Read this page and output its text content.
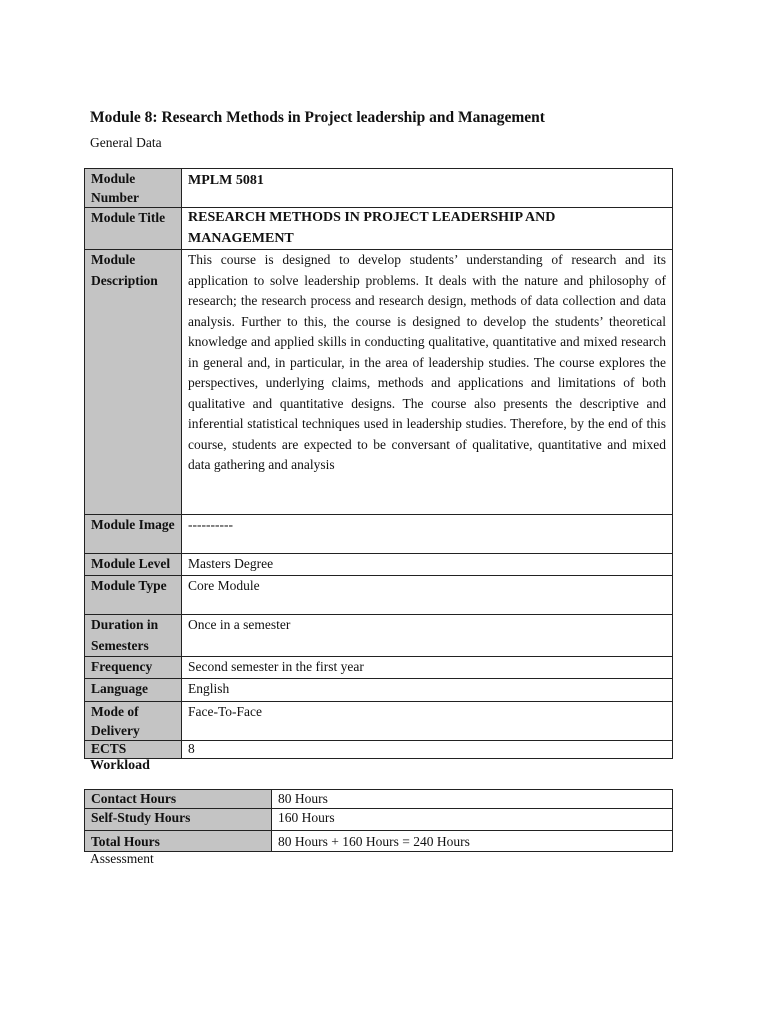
Module 8: Research Methods in Project leadership and Management
General Data
Module Number	MPLM 5081
Module Title	RESEARCH METHODS IN PROJECT LEADERSHIP AND MANAGEMENT
Module Description	This course is designed to develop students’ understanding of research and its application to solve leadership problems. It deals with the nature and philosophy of research; the research process and research design, methods of data collection and data analysis. Further to this, the course is designed to develop the students’ theoretical knowledge and applied skills in conducting qualitative, quantitative and mixed research in general and, in particular, in the area of leadership studies. The course explores the perspectives, underlying claims, methods and applications and limitations of both qualitative and quantitative designs. The course also presents the descriptive and inferential statistical techniques used in leadership studies. Therefore, by the end of this course, students are expected to be conversant of qualitative, quantitative and mixed data gathering and analysis
Module Image	----------
Module Level	Masters Degree
Module Type	Core Module
Duration in Semesters	Once in a semester
Frequency	Second semester in the first year
Language	English
Mode of Delivery	Face-To-Face
ECTS	8
Workload
Contact Hours	80 Hours
Self-Study Hours	160 Hours
Total Hours	80 Hours + 160 Hours = 240 Hours
Assessment
